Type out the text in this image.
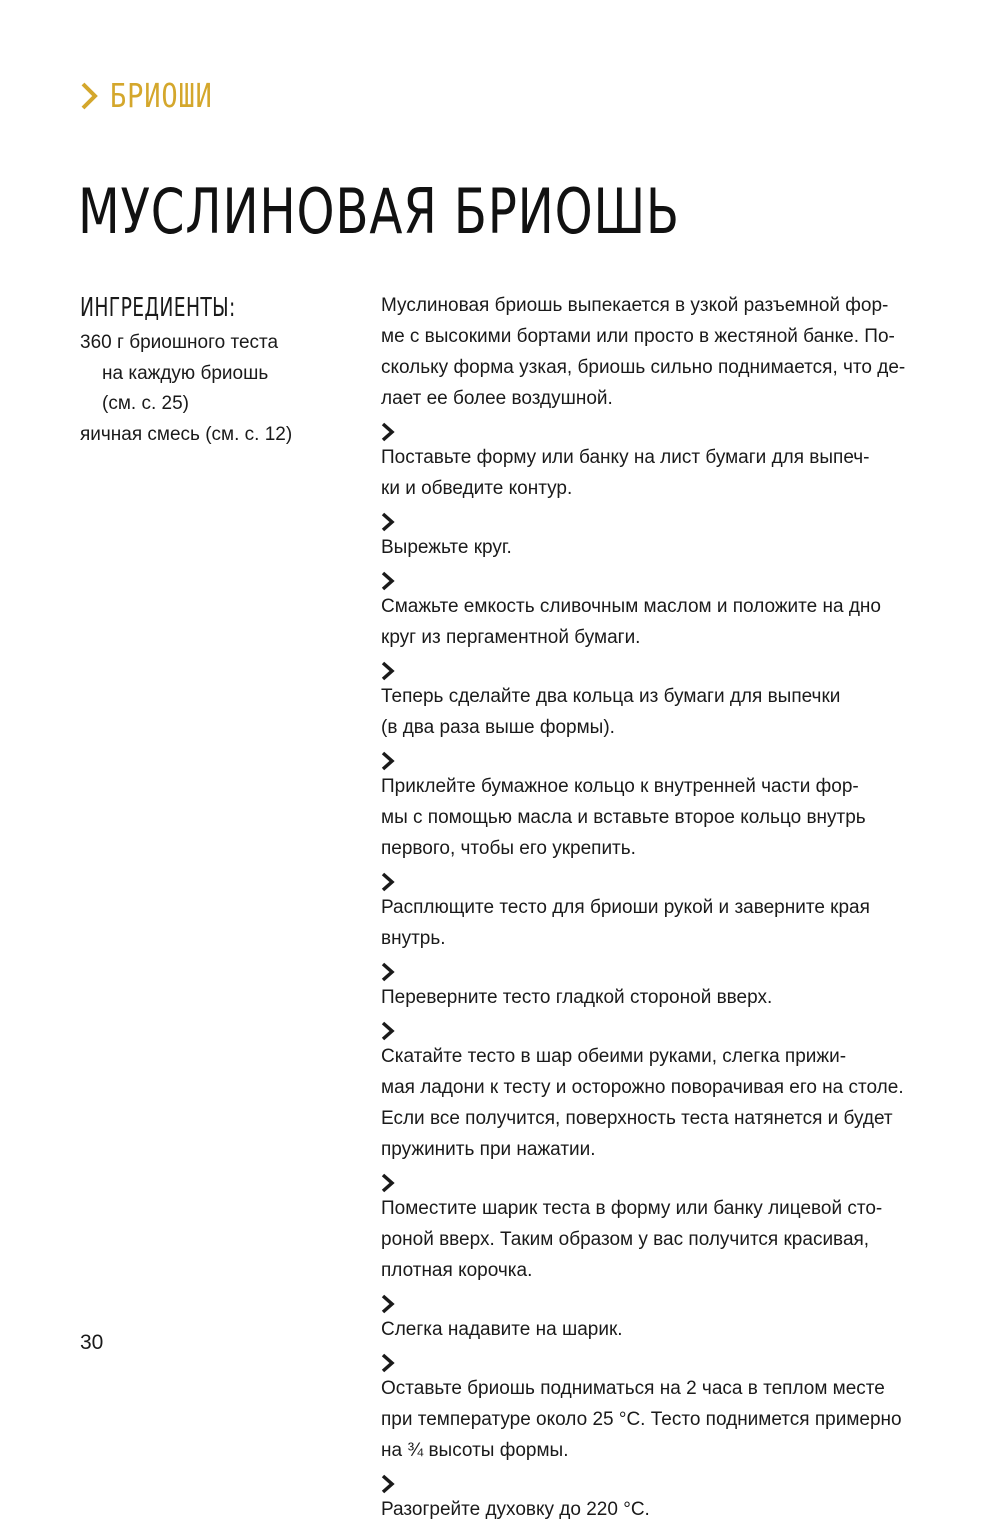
БРИОШИ
МУСЛИНОВАЯ БРИОШЬ
ИНГРЕДИЕНТЫ:
360 г бриошного теста
на каждую бриошь
(см. с. 25)
яичная смесь (см. с. 12)

Муслиновая бриошь выпекается в узкой разъемной фор-
ме с высокими бортами или просто в жестяной банке. По-
скольку форма узкая, бриошь сильно поднимается, что де-
лает ее более воздушной.

Поставьте форму или банку на лист бумаги для выпеч-
ки и обведите контур.

Вырежьте круг.

Смажьте емкость сливочным маслом и положите на дно
круг из пергаментной бумаги.

Теперь сделайте два кольца из бумаги для выпечки
(в два раза выше формы).

Приклейте бумажное кольцо к внутренней части фор-
мы с помощью масла и вставьте второе кольцо внутрь
первого, чтобы его укрепить.

Расплющите тесто для бриоши рукой и заверните края
внутрь.

Переверните тесто гладкой стороной вверх.

Скатайте тесто в шар обеими руками, слегка прижи-
мая ладони к тесту и осторожно поворачивая его на столе.
Если все получится, поверхность теста натянется и будет
пружинить при нажатии.

Поместите шарик теста в форму или банку лицевой сто-
роной вверх. Таким образом у вас получится красивая,
плотная корочка.

Слегка надавите на шарик.

Оставьте бриошь подниматься на 2 часа в теплом месте
при температуре около 25 °С. Тесто поднимется примерно
на ¾ высоты формы.

Разогрейте духовку до 220 °С.

30
